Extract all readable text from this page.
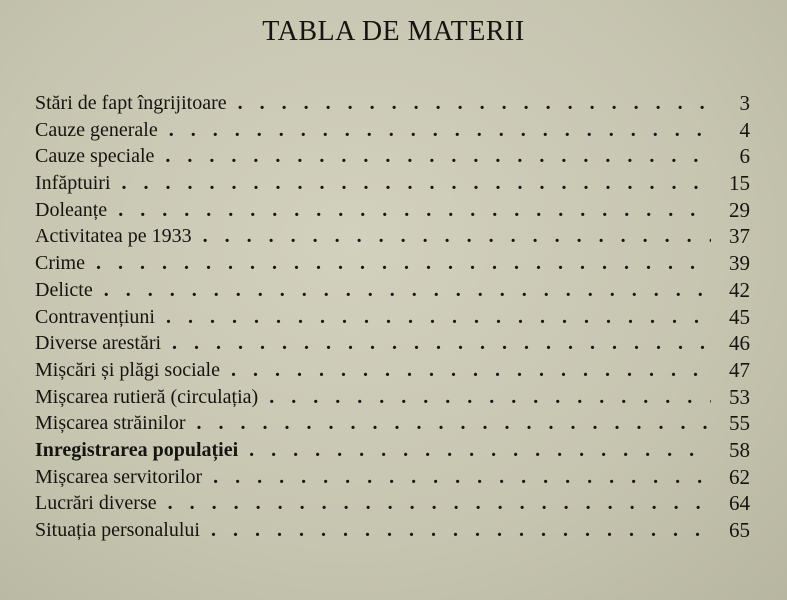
TABLA DE MATERII
Stări de fapt îngrijitoare . . .	3
Cauze generale . . .	4
Cauze speciale . . .	6
Infăptuiri . . .	15
Doleanțe . . .	29
Activitatea pe 1933 . . .	37
Crime . . .	39
Delicte . . .	42
Contravențiuni . . .	45
Diverse arestări . . .	46
Mișcări și plăgi sociale . . .	47
Mișcarea rutieră (circulația) . . .	53
Mișcarea străinilor . . .	55
Inregistrarea populației . . .	58
Mișcarea servitorilor . . .	62
Lucrări diverse . . .	64
Situația personalului . . .	65
